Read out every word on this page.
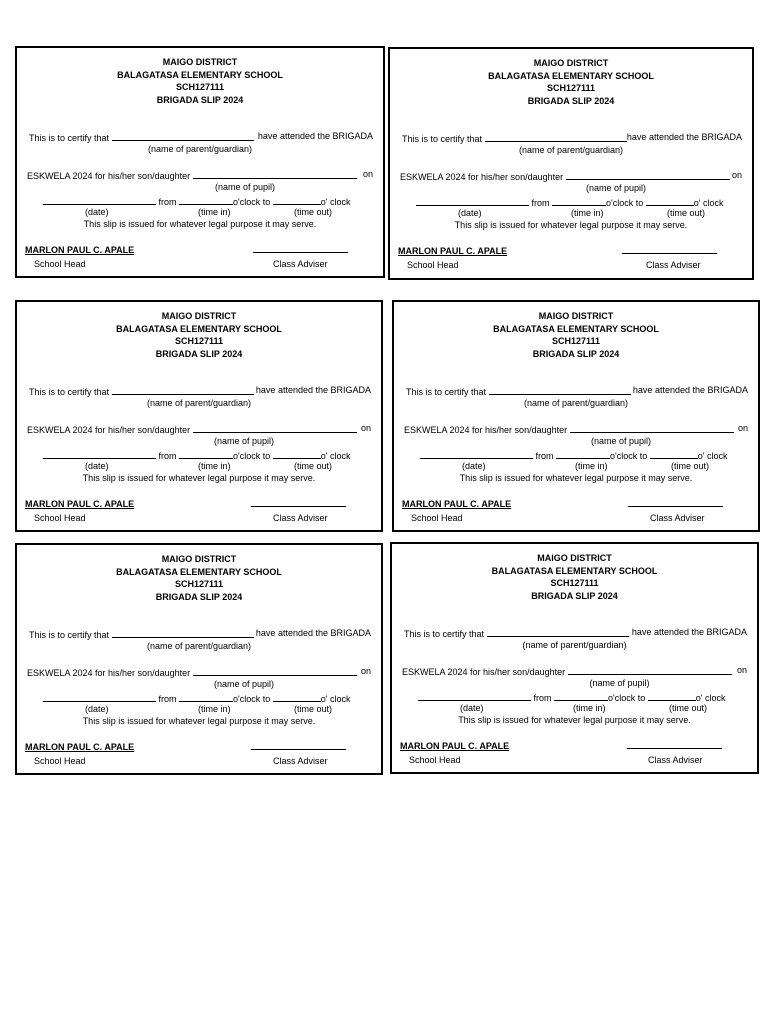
MAIGO DISTRICT
BALAGATASA ELEMENTARY SCHOOL
SCH127111
BRIGADA SLIP 2024
This is to certify that	have attended the BRIGADA
(name of parent/guardian)
ESKWELA 2024 for his/her son/daughter	on
(name of pupil)
from	o'clock to	o' clock
(date)	(time in)	(time out)
This slip is issued for whatever legal purpose it may serve.
MARLON PAUL C. APALE
School Head	Class Adviser
MAIGO DISTRICT
BALAGATASA ELEMENTARY SCHOOL
SCH127111
BRIGADA SLIP 2024
This is to certify that	have attended the BRIGADA
(name of parent/guardian)
ESKWELA 2024 for his/her son/daughter	on
(name of pupil)
from	o'clock to	o' clock
(date)	(time in)	(time out)
This slip is issued for whatever legal purpose it may serve.
MARLON PAUL C. APALE
School Head	Class Adviser
MAIGO DISTRICT
BALAGATASA ELEMENTARY SCHOOL
SCH127111
BRIGADA SLIP 2024
This is to certify that	have attended the BRIGADA
(name of parent/guardian)
ESKWELA 2024 for his/her son/daughter	on
(name of pupil)
from	o'clock to	o' clock
(date)	(time in)	(time out)
This slip is issued for whatever legal purpose it may serve.
MARLON PAUL C. APALE
School Head	Class Adviser
MAIGO DISTRICT
BALAGATASA ELEMENTARY SCHOOL
SCH127111
BRIGADA SLIP 2024
This is to certify that	have attended the BRIGADA
(name of parent/guardian)
ESKWELA 2024 for his/her son/daughter	on
(name of pupil)
from	o'clock to	o' clock
(date)	(time in)	(time out)
This slip is issued for whatever legal purpose it may serve.
MARLON PAUL C. APALE
School Head	Class Adviser
MAIGO DISTRICT
BALAGATASA ELEMENTARY SCHOOL
SCH127111
BRIGADA SLIP 2024
This is to certify that	have attended the BRIGADA
(name of parent/guardian)
ESKWELA 2024 for his/her son/daughter	on
(name of pupil)
from	o'clock to	o' clock
(date)	(time in)	(time out)
This slip is issued for whatever legal purpose it may serve.
MARLON PAUL C. APALE
School Head	Class Adviser
MAIGO DISTRICT
BALAGATASA ELEMENTARY SCHOOL
SCH127111
BRIGADA SLIP 2024
This is to certify that	have attended the BRIGADA
(name of parent/guardian)
ESKWELA 2024 for his/her son/daughter	on
(name of pupil)
from	o'clock to	o' clock
(date)	(time in)	(time out)
This slip is issued for whatever legal purpose it may serve.
MARLON PAUL C. APALE
School Head	Class Adviser
